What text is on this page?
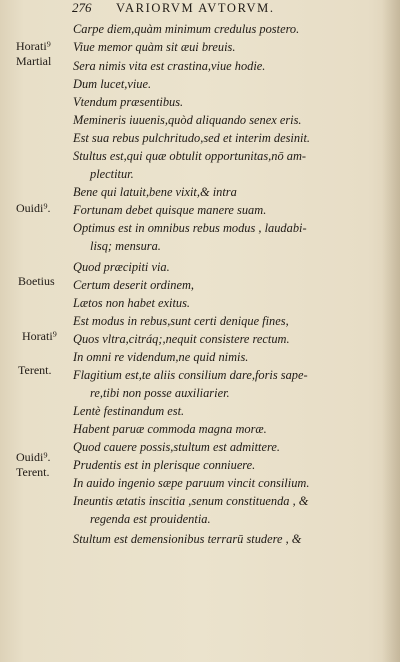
276 VARIORVM AVTORVM.
Horati⁹
Martial
Ouidi⁹.
Boetius
Horati⁹
Terent.
Ouidi⁹.
Terent.
Carpe diem,quàm minimum credulus postero.
Viue memor quàm sit æui breuis.
Sera nimis vita est crastina,viue hodie.
Dum lucet,viue.
Vtendum præsentibus.
Memineris iuuenis,quòd aliquando senex eris.
Est sua rebus pulchritudo,sed et interim desinit.
Stultus est,qui quæ obtulit opportunitas,nō am-
plectitur.
Bene qui latuit,bene vixit,& intra
Fortunam debet quisque manere suam.
Optimus est in omnibus rebus modus , laudabi-
lisq; mensura.
Quod præcipiti via.
Certum deserit ordinem,
Lætos non habet exitus.
Est modus in rebus,sunt certi denique fines,
Quos vltra,citráq;,nequit consistere rectum.
In omni re videndum,ne quid nimis.
Flagitium est,te aliis consilium dare,foris sape-
re,tibi non posse auxiliarier.
Lentè festinandum est.
Habent paruæ commoda magna moræ.
Quod cauere possis,stultum est admittere.
Prudentis est in plerisque conniuere.
In auido ingenio sæpe paruum vincit consilium.
Ineuntis ætatis inscitia ,senum constituenda , &
regenda est prouidentia.
Stultum est demensionibus terrarū studere , &
